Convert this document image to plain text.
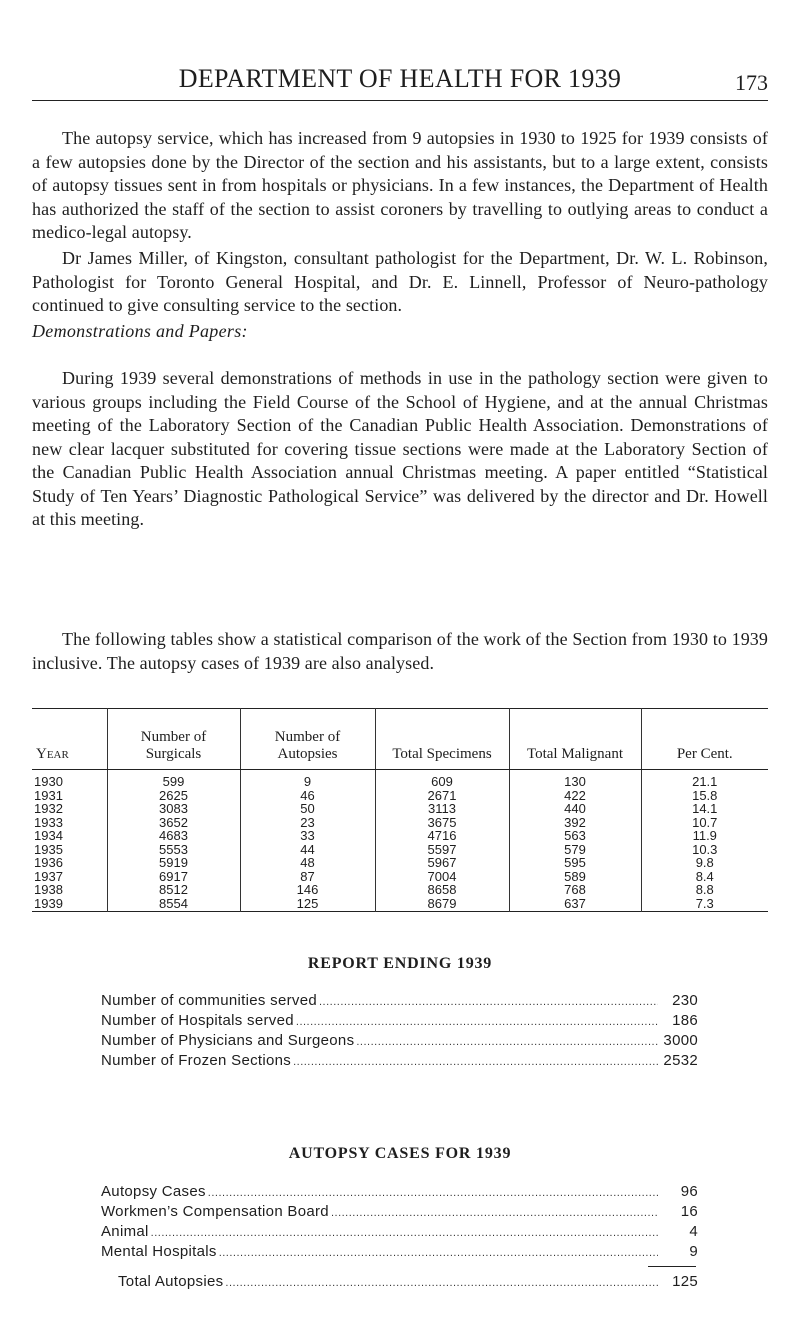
DEPARTMENT OF HEALTH FOR 1939	173

The autopsy service, which has increased from 9 autopsies in 1930 to 1925 for 1939 consists of a few autopsies done by the Director of the section and his assistants, but to a large extent, consists of autopsy tissues sent in from hospitals or physicians. In a few instances, the Department of Health has authorized the staff of the section to assist coroners by travelling to outlying areas to conduct a medico-legal autopsy.

Dr James Miller, of Kingston, consultant pathologist for the Department, Dr. W. L. Robinson, Pathologist for Toronto General Hospital, and Dr. E. Linnell, Professor of Neuro-pathology continued to give consulting service to the section.

Demonstrations and Papers:

During 1939 several demonstrations of methods in use in the pathology section were given to various groups including the Field Course of the School of Hygiene, and at the annual Christmas meeting of the Laboratory Section of the Canadian Public Health Association. Demonstrations of new clear lacquer substituted for covering tissue sections were made at the Laboratory Section of the Canadian Public Health Association annual Christmas meeting. A paper entitled “Statistical Study of Ten Years’ Diagnostic Pathological Service” was delivered by the director and Dr. Howell at this meeting.

The following tables show a statistical comparison of the work of the Section from 1930 to 1939 inclusive. The autopsy cases of 1939 are also analysed.

Year	Number of Surgicals	Number of Autopsies	Total Specimens	Total Malignant	Per Cent.
1930	599	9	609	130	21.1
1931	2625	46	2671	422	15.8
1932	3083	50	3113	440	14.1
1933	3652	23	3675	392	10.7
1934	4683	33	4716	563	11.9
1935	5553	44	5597	579	10.3
1936	5919	48	5967	595	9.8
1937	6917	87	7004	589	8.4
1938	8512	146	8658	768	8.8
1939	8554	125	8679	637	7.3
REPORT ENDING 1939
Number of communities served .....	230
Number of Hospitals served .....	186
Number of Physicians and Surgeons .....	3000
Number of Frozen Sections .....	2532
AUTOPSY CASES FOR 1939
Autopsy Cases .....	96
Workmen’s Compensation Board .....	16
Animal .....	4
Mental Hospitals .....	9
Total Autopsies .....	125
